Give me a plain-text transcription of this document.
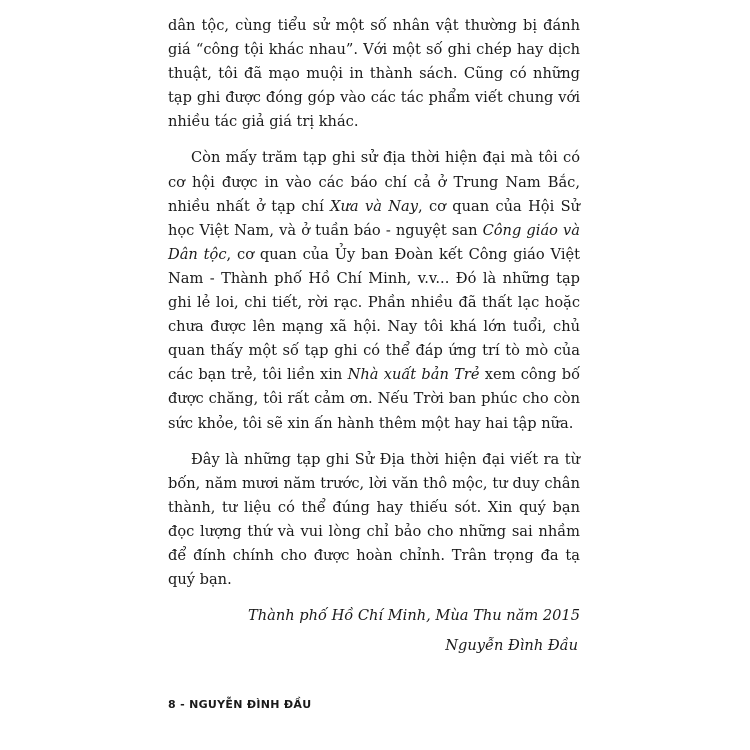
dân tộc, cùng tiểu sử một số nhân vật thường bị đánh giá “công tội khác nhau”. Với một số ghi chép hay dịch thuật, tôi đã mạo muội in thành sách. Cũng có những tạp ghi được đóng góp vào các tác phẩm viết chung với nhiều tác giả giá trị khác.

Còn mấy trăm tạp ghi sử địa thời hiện đại mà tôi có cơ hội được in vào các báo chí cả ở Trung Nam Bắc, nhiều nhất ở tạp chí Xưa và Nay, cơ quan của Hội Sử học Việt Nam, và ở tuần báo - nguyệt san Công giáo và Dân tộc, cơ quan của Ủy ban Đoàn kết Công giáo Việt Nam - Thành phố Hồ Chí Minh, v.v... Đó là những tạp ghi lẻ loi, chi tiết, rời rạc. Phần nhiều đã thất lạc hoặc chưa được lên mạng xã hội. Nay tôi khá lớn tuổi, chủ quan thấy một số tạp ghi có thể đáp ứng trí tò mò của các bạn trẻ, tôi liền xin Nhà xuất bản Trẻ xem công bố được chăng, tôi rất cảm ơn. Nếu Trời ban phúc cho còn sức khỏe, tôi sẽ xin ấn hành thêm một hay hai tập nữa.

Đây là những tạp ghi Sử Địa thời hiện đại viết ra từ bốn, năm mươi năm trước, lời văn thô mộc, tư duy chân thành, tư liệu có thể đúng hay thiếu sót. Xin quý bạn đọc lượng thứ và vui lòng chỉ bảo cho những sai nhầm để đính chính cho được hoàn chỉnh. Trân trọng đa tạ quý bạn.

Thành phố Hồ Chí Minh, Mùa Thu năm 2015
Nguyễn Đình Đầu
8 - NGUYỄN ĐÌNH ĐẦU
